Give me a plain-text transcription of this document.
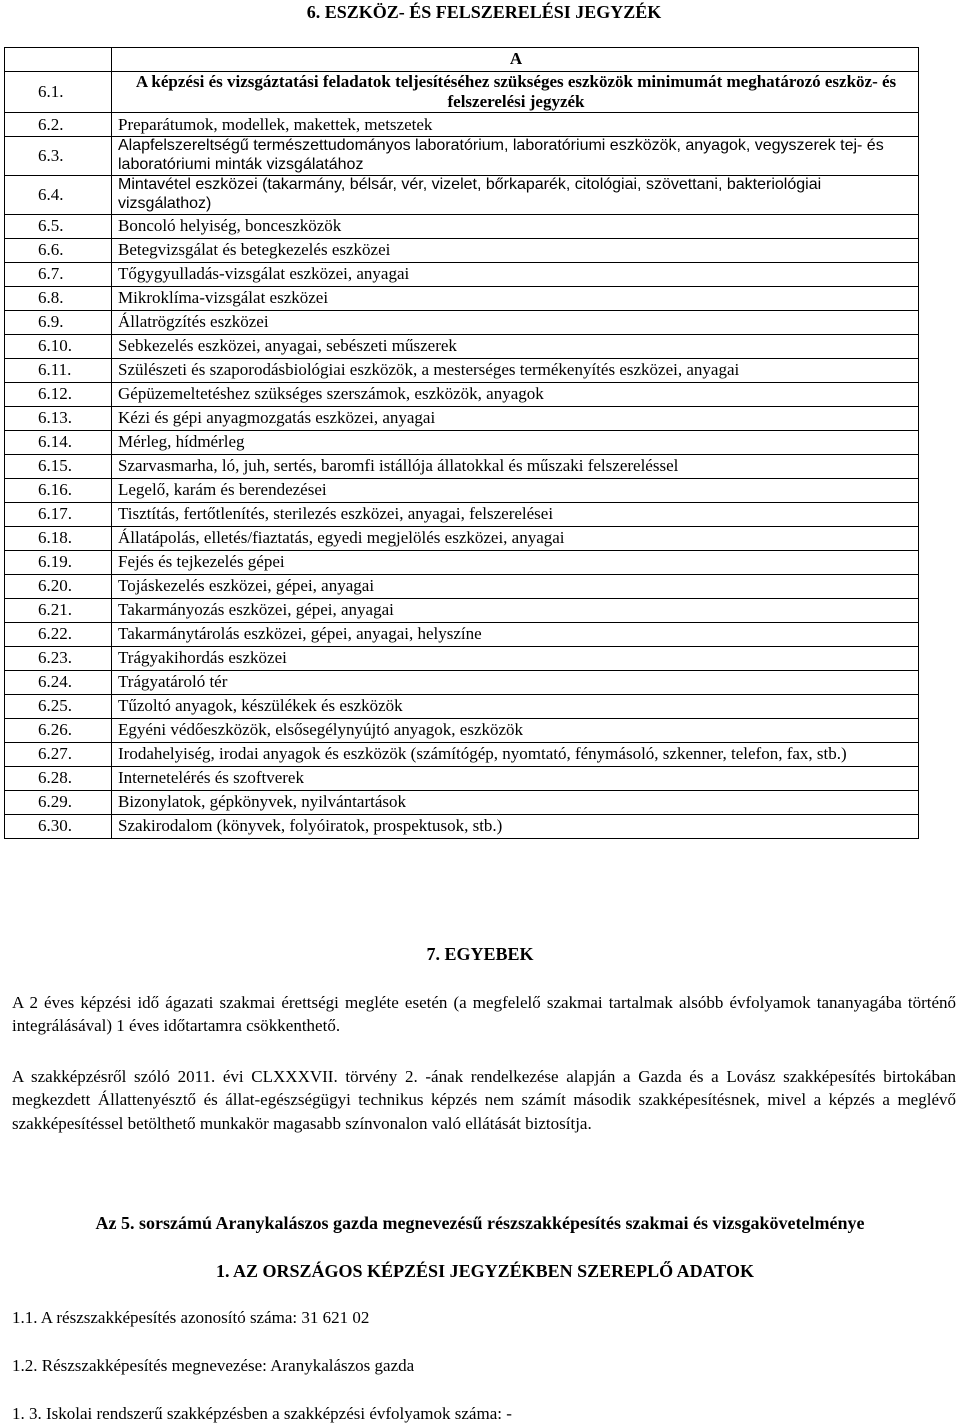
6. ESZKÖZ- ÉS FELSZERELÉSI JEGYZÉK
	A
6.1.	A képzési és vizsgáztatási feladatok teljesítéséhez szükséges eszközök minimumát meghatározó eszköz- és felszerelési jegyzék
6.2.	Preparátumok, modellek, makettek, metszetek
6.3.	Alapfelszereltségű természettudományos laboratórium, laboratóriumi eszközök, anyagok, vegyszerek tej- és laboratóriumi minták vizsgálatához
6.4.	Mintavétel eszközei (takarmány, bélsár, vér, vizelet, bőrkaparék, citológiai, szövettani, bakteriológiai vizsgálathoz)
6.5.	Boncoló helyiség, bonceszközök
6.6.	Betegvizsgálat és betegkezelés eszközei
6.7.	Tőgygyulladás-vizsgálat eszközei, anyagai
6.8.	Mikroklíma-vizsgálat eszközei
6.9.	Állatrögzítés eszközei
6.10.	Sebkezelés eszközei, anyagai, sebészeti műszerek
6.11.	Szülészeti és szaporodásbiológiai eszközök, a mesterséges termékenyítés eszközei, anyagai
6.12.	Gépüzemeltetéshez szükséges szerszámok, eszközök, anyagok
6.13.	Kézi és gépi anyagmozgatás eszközei, anyagai
6.14.	Mérleg, hídmérleg
6.15.	Szarvasmarha, ló, juh, sertés, baromfi istállója állatokkal és műszaki felszereléssel
6.16.	Legelő, karám és berendezései
6.17.	Tisztítás, fertőtlenítés, sterilezés eszközei, anyagai, felszerelései
6.18.	Állatápolás, elletés/fiaztatás, egyedi megjelölés eszközei, anyagai
6.19.	Fejés és tejkezelés gépei
6.20.	Tojáskezelés eszközei, gépei, anyagai
6.21.	Takarmányozás eszközei, gépei, anyagai
6.22.	Takarmánytárolás eszközei, gépei, anyagai, helyszíne
6.23.	Trágyakihordás eszközei
6.24.	Trágyatároló tér
6.25.	Tűzoltó anyagok, készülékek és eszközök
6.26.	Egyéni védőeszközök, elsősegélynyújtó anyagok, eszközök
6.27.	Irodahelyiség, irodai anyagok és eszközök (számítógép, nyomtató, fénymásoló, szkenner, telefon, fax, stb.)
6.28.	Internetelérés és szoftverek
6.29.	Bizonylatok, gépkönyvek, nyilvántartások
6.30.	Szakirodalom (könyvek, folyóiratok, prospektusok, stb.)
7. EGYEBEK
A 2 éves képzési idő ágazati szakmai érettségi megléte esetén (a megfelelő szakmai tartalmak alsóbb évfolyamok tananyagába történő integrálásával) 1 éves időtartamra csökkenthető.
A szakképzésről szóló 2011. évi CLXXXVII. törvény 2. -ának rendelkezése alapján a Gazda és a Lovász szakképesítés birtokában megkezdett Állattenyésztő és állat-egészségügyi technikus képzés nem számít második szakképesítésnek, mivel a képzés a meglévő szakképesítéssel betölthető munkakör magasabb színvonalon való ellátását biztosítja.
Az 5. sorszámú Aranykalászos gazda megnevezésű részszakképesítés szakmai és vizsgakövetelménye
1. AZ ORSZÁGOS KÉPZÉSI JEGYZÉKBEN SZEREPLŐ ADATOK
1.1. A részszakképesítés azonosító száma: 31 621 02
1.2. Részszakképesítés megnevezése: Aranykalászos gazda
1. 3. Iskolai rendszerű szakképzésben a szakképzési évfolyamok száma: -
